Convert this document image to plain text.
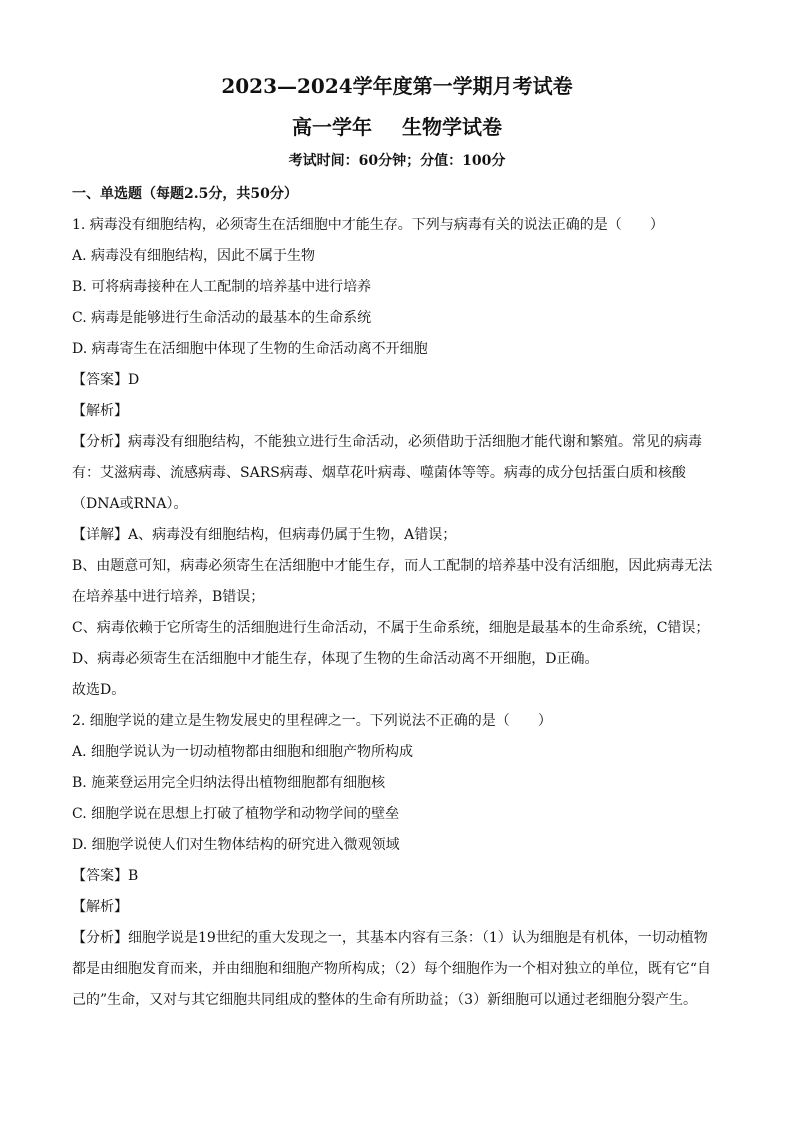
2023—2024学年度第一学期月考试卷
高一学年 生物学试卷
考试时间：60分钟；分值：100分
一、单选题（每题2.5分，共50分）
1. 病毒没有细胞结构，必须寄生在活细胞中才能生存。下列与病毒有关的说法正确的是（ ）
A. 病毒没有细胞结构，因此不属于生物
B. 可将病毒接种在人工配制的培养基中进行培养
C. 病毒是能够进行生命活动的最基本的生命系统
D. 病毒寄生在活细胞中体现了生物的生命活动离不开细胞
【答案】D
【解析】
【分析】病毒没有细胞结构，不能独立进行生命活动，必须借助于活细胞才能代谢和繁殖。常见的病毒
有：艾滋病毒、流感病毒、SARS病毒、烟草花叶病毒、噬菌体等等。病毒的成分包括蛋白质和核酸
（DNA或RNA）。
【详解】A、病毒没有细胞结构，但病毒仍属于生物，A错误；
B、由题意可知，病毒必须寄生在活细胞中才能生存，而人工配制的培养基中没有活细胞，因此病毒无法
在培养基中进行培养，B错误；
C、病毒依赖于它所寄生的活细胞进行生命活动，不属于生命系统，细胞是最基本的生命系统，C错误；
D、病毒必须寄生在活细胞中才能生存，体现了生物的生命活动离不开细胞，D正确。
故选D。
2. 细胞学说的建立是生物发展史的里程碑之一。下列说法不正确的是（ ）
A. 细胞学说认为一切动植物都由细胞和细胞产物所构成
B. 施莱登运用完全归纳法得出植物细胞都有细胞核
C. 细胞学说在思想上打破了植物学和动物学间的壁垒
D. 细胞学说使人们对生物体结构的研究进入微观领域
【答案】B
【解析】
【分析】细胞学说是19世纪的重大发现之一，其基本内容有三条：（1）认为细胞是有机体，一切动植物
都是由细胞发育而来，并由细胞和细胞产物所构成；（2）每个细胞作为一个相对独立的单位，既有它“自
己的”生命，又对与其它细胞共同组成的整体的生命有所助益；（3）新细胞可以通过老细胞分裂产生。
